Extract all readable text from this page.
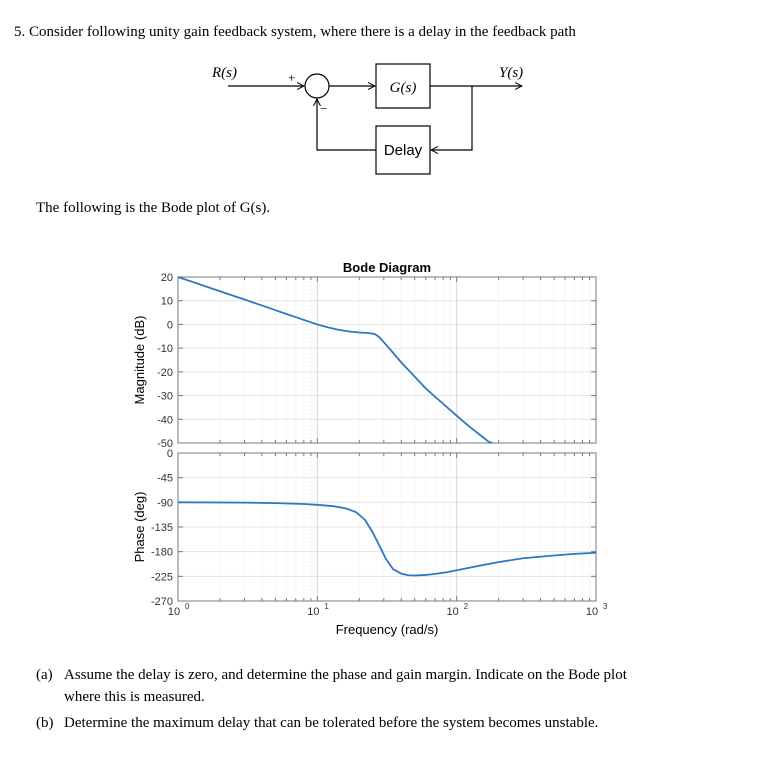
5. Consider following unity gain feedback system, where there is a delay in the feedback path
R(s)	+
−
G(s)
Y(s)
Delay
The following is the Bode plot of G(s).
20
10
0
-10
-20
-30
-40
-50
0
-45
-90
-135
-180
-225
-270
10 0	10 1	10 2	10 3
Bode Diagram
Frequency (rad/s)
Magnitude (dB)
Phase (deg)
(a) Assume the delay is zero, and determine the phase and gain margin. Indicate on the Bode plot
where this is measured.
(b) Determine the maximum delay that can be tolerated before the system becomes unstable.
